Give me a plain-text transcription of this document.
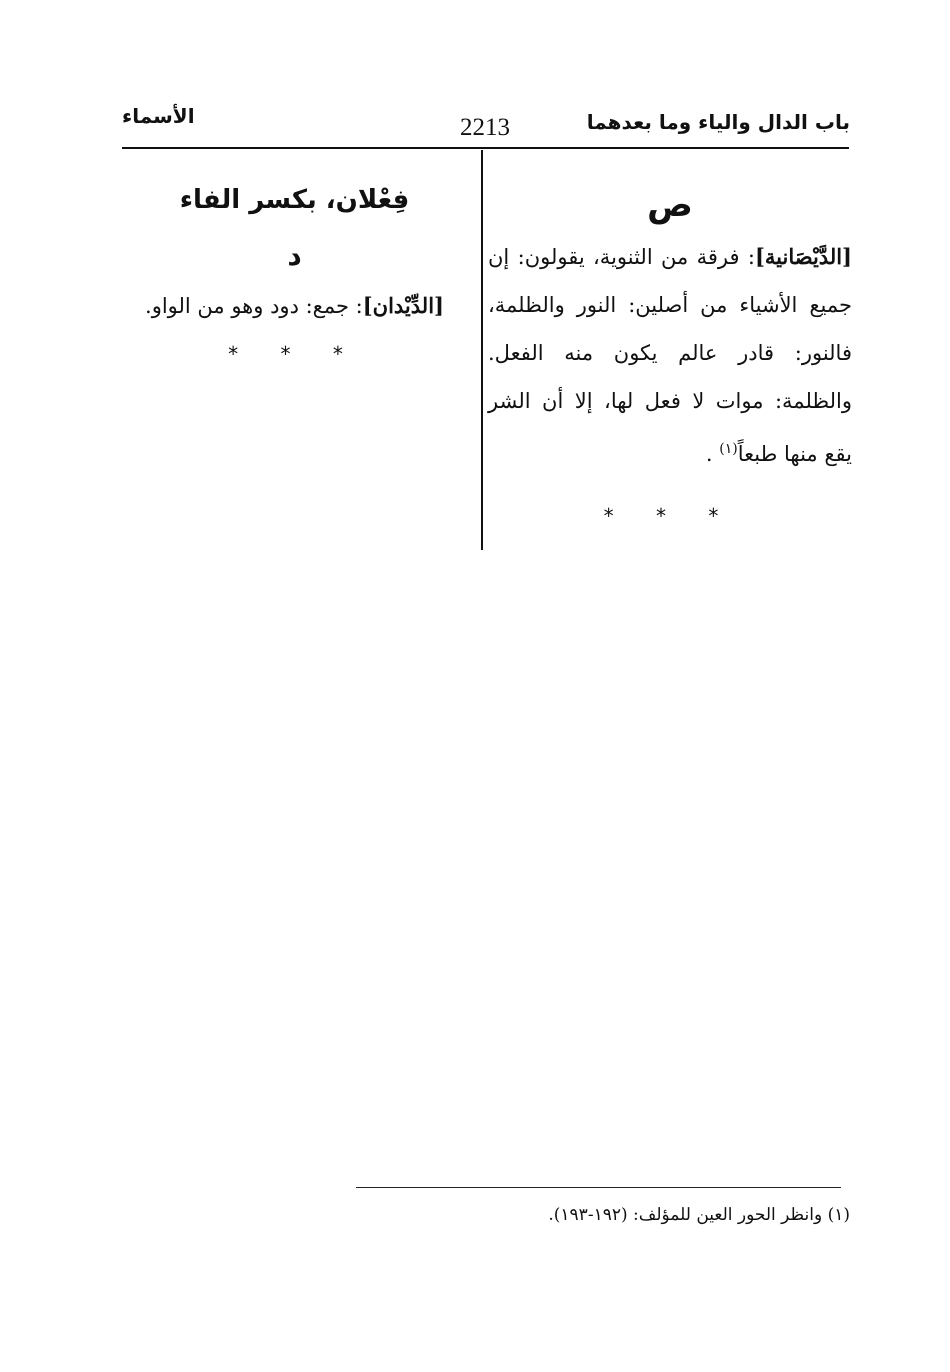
باب الدال والياء وما بعدهما
2213
الأسماء
ص
[الدَّيْصَانية]: فرقة من الثنوية، يقولون: إن جميع الأشياء من أصلين: النور والظلمة، فالنور: قادر عالم يكون منه الفعل. والظلمة: موات لا فعل لها، إلا أن الشر يقع منها طبعاً$^{(١)}$ .
* * *
فِعْلان، بكسر الفاء
د
[الدِّيْدان]: جمع: دود وهو من الواو.
* * *
(١) وانظر الحور العين للمؤلف: (١٩٢-١٩٣).
